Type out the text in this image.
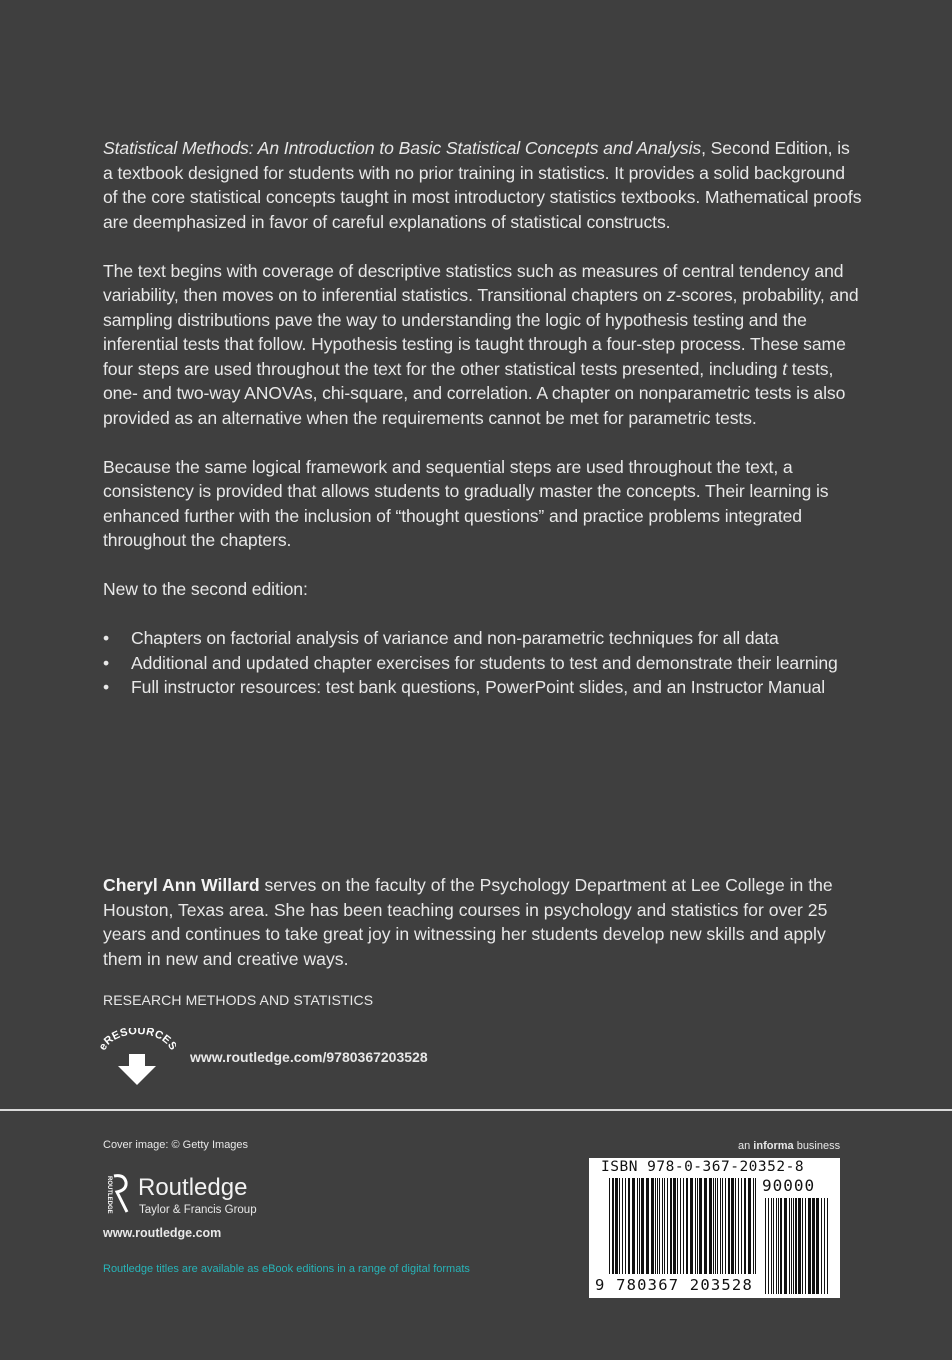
Statistical Methods: An Introduction to Basic Statistical Concepts and Analysis, Second Edition, is a textbook designed for students with no prior training in statistics. It provides a solid background of the core statistical concepts taught in most introductory statistics textbooks. Mathematical proofs are deemphasized in favor of careful explanations of statistical constructs.

The text begins with coverage of descriptive statistics such as measures of central tendency and variability, then moves on to inferential statistics. Transitional chapters on z-scores, probability, and sampling distributions pave the way to understanding the logic of hypothesis testing and the inferential tests that follow. Hypothesis testing is taught through a four-step process. These same four steps are used throughout the text for the other statistical tests presented, including t tests, one- and two-way ANOVAs, chi-square, and correlation. A chapter on nonparametric tests is also provided as an alternative when the requirements cannot be met for parametric tests.

Because the same logical framework and sequential steps are used throughout the text, a consistency is provided that allows students to gradually master the concepts. Their learning is enhanced further with the inclusion of “thought questions” and practice problems integrated throughout the chapters.

New to the second edition:

• Chapters on factorial analysis of variance and non-parametric techniques for all data
• Additional and updated chapter exercises for students to test and demonstrate their learning
• Full instructor resources: test bank questions, PowerPoint slides, and an Instructor Manual

Cheryl Ann Willard serves on the faculty of the Psychology Department at Lee College in the Houston, Texas area. She has been teaching courses in psychology and statistics for over 25 years and continues to take great joy in witnessing her students develop new skills and apply them in new and creative ways.

RESEARCH METHODS AND STATISTICS
eRESOURCE
www.routledge.com/9780367203528
Cover image: © Getty Images	an informa business
ROUTLEDGE Routledge
Taylor & Francis Group
www.routledge.com
Routledge titles are available as eBook editions in a range of digital formats
ISBN 978-0-367-20352-8
90000
9 780367 203528
